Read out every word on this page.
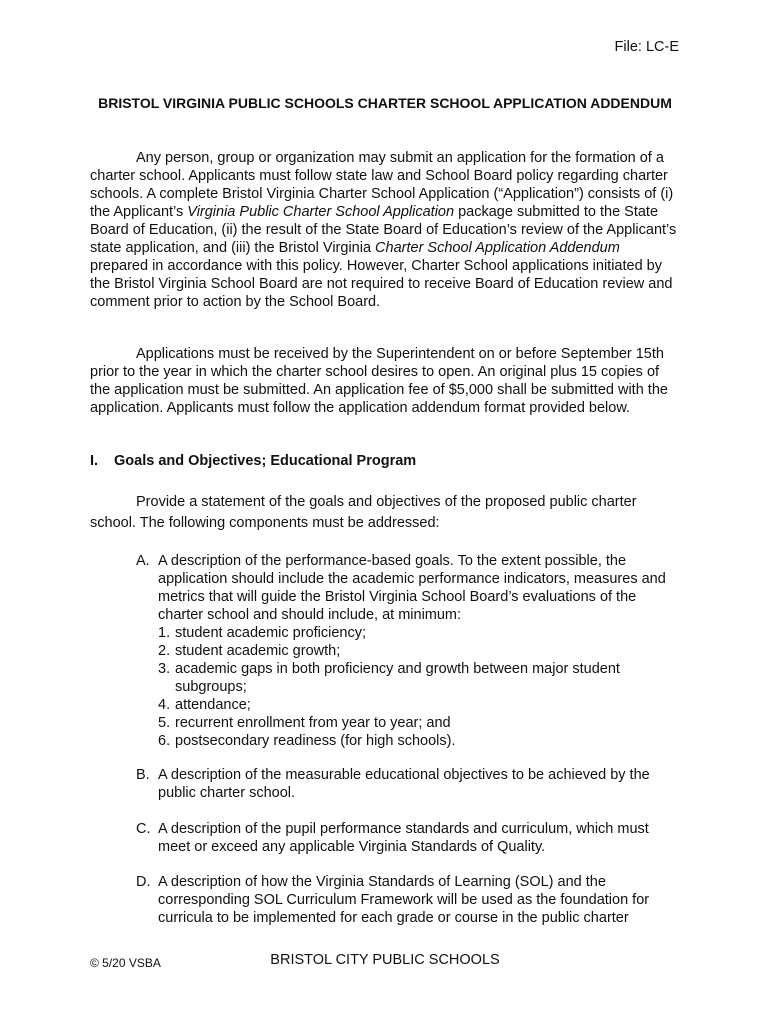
File: LC-E
BRISTOL VIRGINIA PUBLIC SCHOOLS CHARTER SCHOOL APPLICATION ADDENDUM
Any person, group or organization may submit an application for the formation of a charter school. Applicants must follow state law and School Board policy regarding charter schools. A complete Bristol Virginia Charter School Application (“Application”) consists of (i) the Applicant’s Virginia Public Charter School Application package submitted to the State Board of Education, (ii) the result of the State Board of Education’s review of the Applicant’s state application, and (iii) the Bristol Virginia Charter School Application Addendum prepared in accordance with this policy. However, Charter School applications initiated by the Bristol Virginia School Board are not required to receive Board of Education review and comment prior to action by the School Board.
Applications must be received by the Superintendent on or before September 15th prior to the year in which the charter school desires to open. An original plus 15 copies of the application must be submitted. An application fee of $5,000 shall be submitted with the application. Applicants must follow the application addendum format provided below.
I. Goals and Objectives; Educational Program
Provide a statement of the goals and objectives of the proposed public charter school. The following components must be addressed:
A. A description of the performance-based goals. To the extent possible, the application should include the academic performance indicators, measures and metrics that will guide the Bristol Virginia School Board’s evaluations of the charter school and should include, at minimum:
1. student academic proficiency;
2. student academic growth;
3. academic gaps in both proficiency and growth between major student subgroups;
4. attendance;
5. recurrent enrollment from year to year; and
6. postsecondary readiness (for high schools).
B. A description of the measurable educational objectives to be achieved by the public charter school.
C. A description of the pupil performance standards and curriculum, which must meet or exceed any applicable Virginia Standards of Quality.
D. A description of how the Virginia Standards of Learning (SOL) and the corresponding SOL Curriculum Framework will be used as the foundation for curricula to be implemented for each grade or course in the public charter
© 5/20 VSBA	BRISTOL CITY PUBLIC SCHOOLS
